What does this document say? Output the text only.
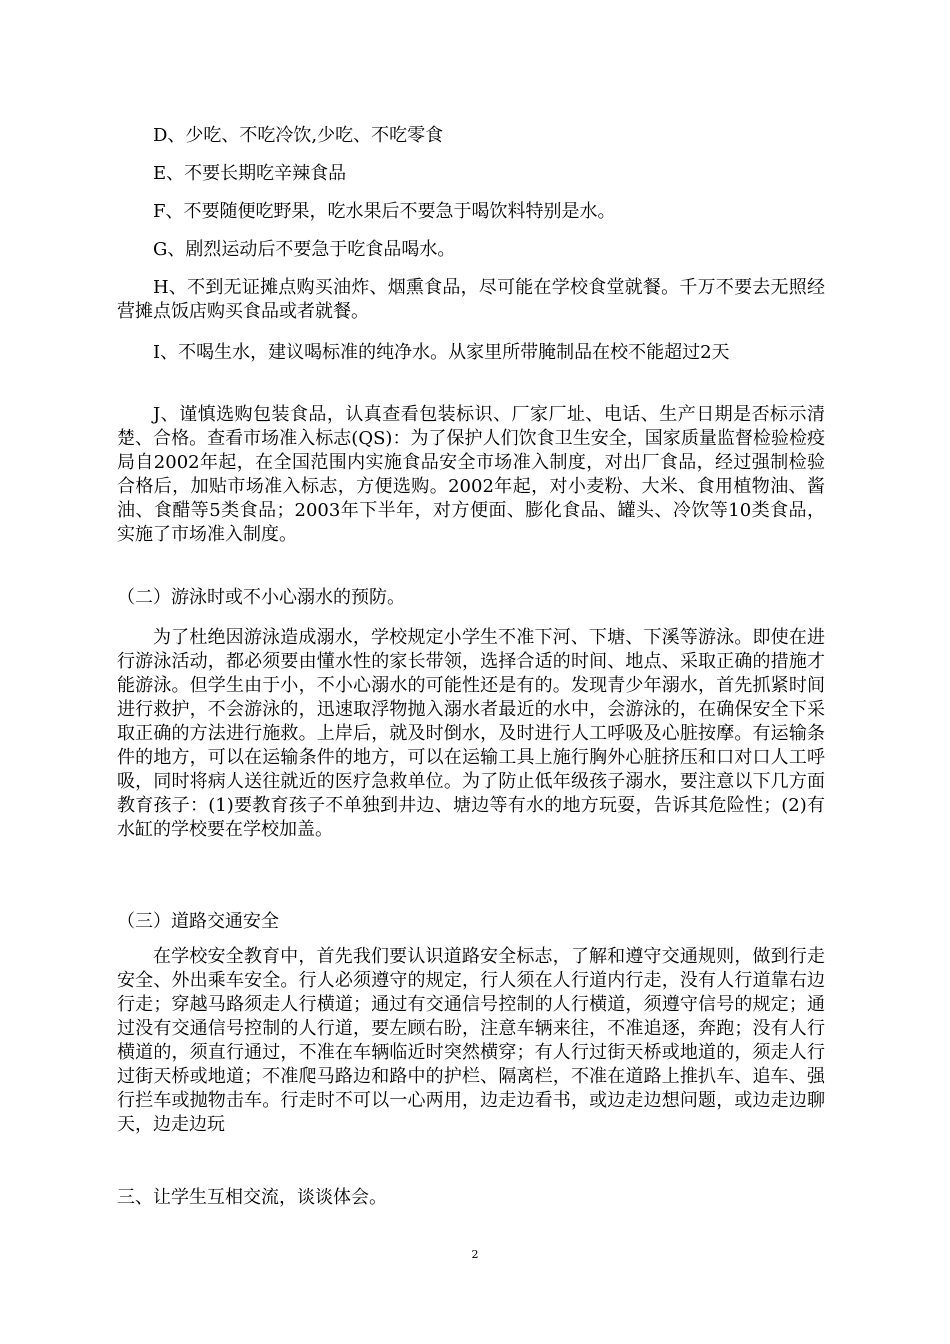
D、少吃、不吃冷饮,少吃、不吃零食

E、不要长期吃辛辣食品

F、不要随便吃野果，吃水果后不要急于喝饮料特别是水。

G、剧烈运动后不要急于吃食品喝水。

H、不到无证摊点购买油炸、烟熏食品，尽可能在学校食堂就餐。千万不要去无照经营摊点饭店购买食品或者就餐。

I、不喝生水，建议喝标准的纯净水。从家里所带腌制品在校不能超过2天

J、谨慎选购包装食品，认真查看包装标识、厂家厂址、电话、生产日期是否标示清楚、合格。查看市场准入标志(QS)：为了保护人们饮食卫生安全，国家质量监督检验检疫局自2002年起，在全国范围内实施食品安全市场准入制度，对出厂食品，经过强制检验合格后，加贴市场准入标志，方便选购。2002年起，对小麦粉、大米、食用植物油、酱油、食醋等5类食品；2003年下半年，对方便面、膨化食品、罐头、冷饮等10类食品，实施了市场准入制度。

（二）游泳时或不小心溺水的预防。

为了杜绝因游泳造成溺水，学校规定小学生不准下河、下塘、下溪等游泳。即使在进行游泳活动，都必须要由懂水性的家长带领，选择合适的时间、地点、采取正确的措施才能游泳。但学生由于小，不小心溺水的可能性还是有的。发现青少年溺水，首先抓紧时间进行救护，不会游泳的，迅速取浮物抛入溺水者最近的水中，会游泳的，在确保安全下采取正确的方法进行施救。上岸后，就及时倒水，及时进行人工呼吸及心脏按摩。有运输条件的地方，可以在运输条件的地方，可以在运输工具上施行胸外心脏挤压和口对口人工呼吸，同时将病人送往就近的医疗急救单位。为了防止低年级孩子溺水，要注意以下几方面教育孩子：(1)要教育孩子不单独到井边、塘边等有水的地方玩耍，告诉其危险性；(2)有水缸的学校要在学校加盖。

（三）道路交通安全

在学校安全教育中，首先我们要认识道路安全标志，了解和遵守交通规则，做到行走安全、外出乘车安全。行人必须遵守的规定，行人须在人行道内行走，没有人行道靠右边行走；穿越马路须走人行横道；通过有交通信号控制的人行横道，须遵守信号的规定；通过没有交通信号控制的人行道，要左顾右盼，注意车辆来往，不准追逐，奔跑；没有人行横道的，须直行通过，不准在车辆临近时突然横穿；有人行过街天桥或地道的，须走人行过街天桥或地道；不准爬马路边和路中的护栏、隔离栏，不准在道路上推扒车、追车、强行拦车或抛物击车。行走时不可以一心两用，边走边看书，或边走边想问题，或边走边聊天，边走边玩

三、让学生互相交流，谈谈体会。

2
